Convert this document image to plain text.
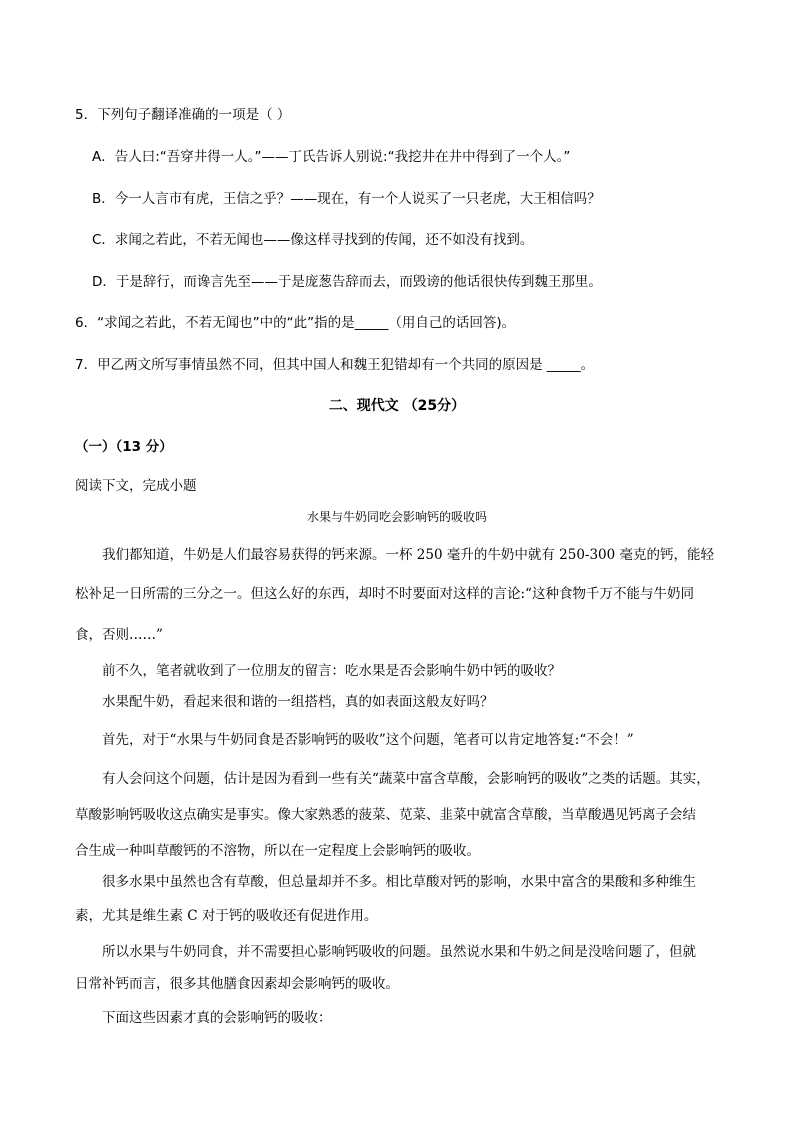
5．下列句子翻译准确的一项是（ ）
A．告人曰:“吾穿井得一人。”——丁氏告诉人别说:“我挖井在井中得到了一个人。”
B．今一人言市有虎，王信之乎？——现在，有一个人说买了一只老虎，大王相信吗？
C．求闻之若此，不若无闻也——像这样寻找到的传闻，还不如没有找到。
D．于是辞行，而谗言先至——于是庞葱告辞而去，而毁谤的他话很快传到魏王那里。
6．“求闻之若此，不若无闻也”中的“此”指的是_____（用自己的话回答)。
7．甲乙两文所写事情虽然不同，但其中国人和魏王犯错却有一个共同的原因是 _____。
二、现代文 （25分）
（一）（13 分）
阅读下文，完成小题
水果与牛奶同吃会影响钙的吸收吗
我们都知道，牛奶是人们最容易获得的钙来源。一杯 250 毫升的牛奶中就有 250-300 毫克的钙，能轻
松补足一日所需的三分之一。但这么好的东西，却时不时要面对这样的言论:“这种食物千万不能与牛奶同
食，否则……”
前不久，笔者就收到了一位朋友的留言：吃水果是否会影响牛奶中钙的吸收？
水果配牛奶，看起来很和谐的一组搭档，真的如表面这般友好吗？
首先，对于“水果与牛奶同食是否影响钙的吸收”这个问题，笔者可以肯定地答复:“不会！”
有人会问这个问题，估计是因为看到一些有关“蔬菜中富含草酸，会影响钙的吸收”之类的话题。其实，
草酸影响钙吸收这点确实是事实。像大家熟悉的菠菜、苋菜、韭菜中就富含草酸，当草酸遇见钙离子会结
合生成一种叫草酸钙的不溶物，所以在一定程度上会影响钙的吸收。
很多水果中虽然也含有草酸，但总量却并不多。相比草酸对钙的影响，水果中富含的果酸和多种维生
素，尤其是维生素 C 对于钙的吸收还有促进作用。
所以水果与牛奶同食，并不需要担心影响钙吸收的问题。虽然说水果和牛奶之间是没啥问题了，但就
日常补钙而言，很多其他膳食因素却会影响钙的吸收。
下面这些因素才真的会影响钙的吸收：
